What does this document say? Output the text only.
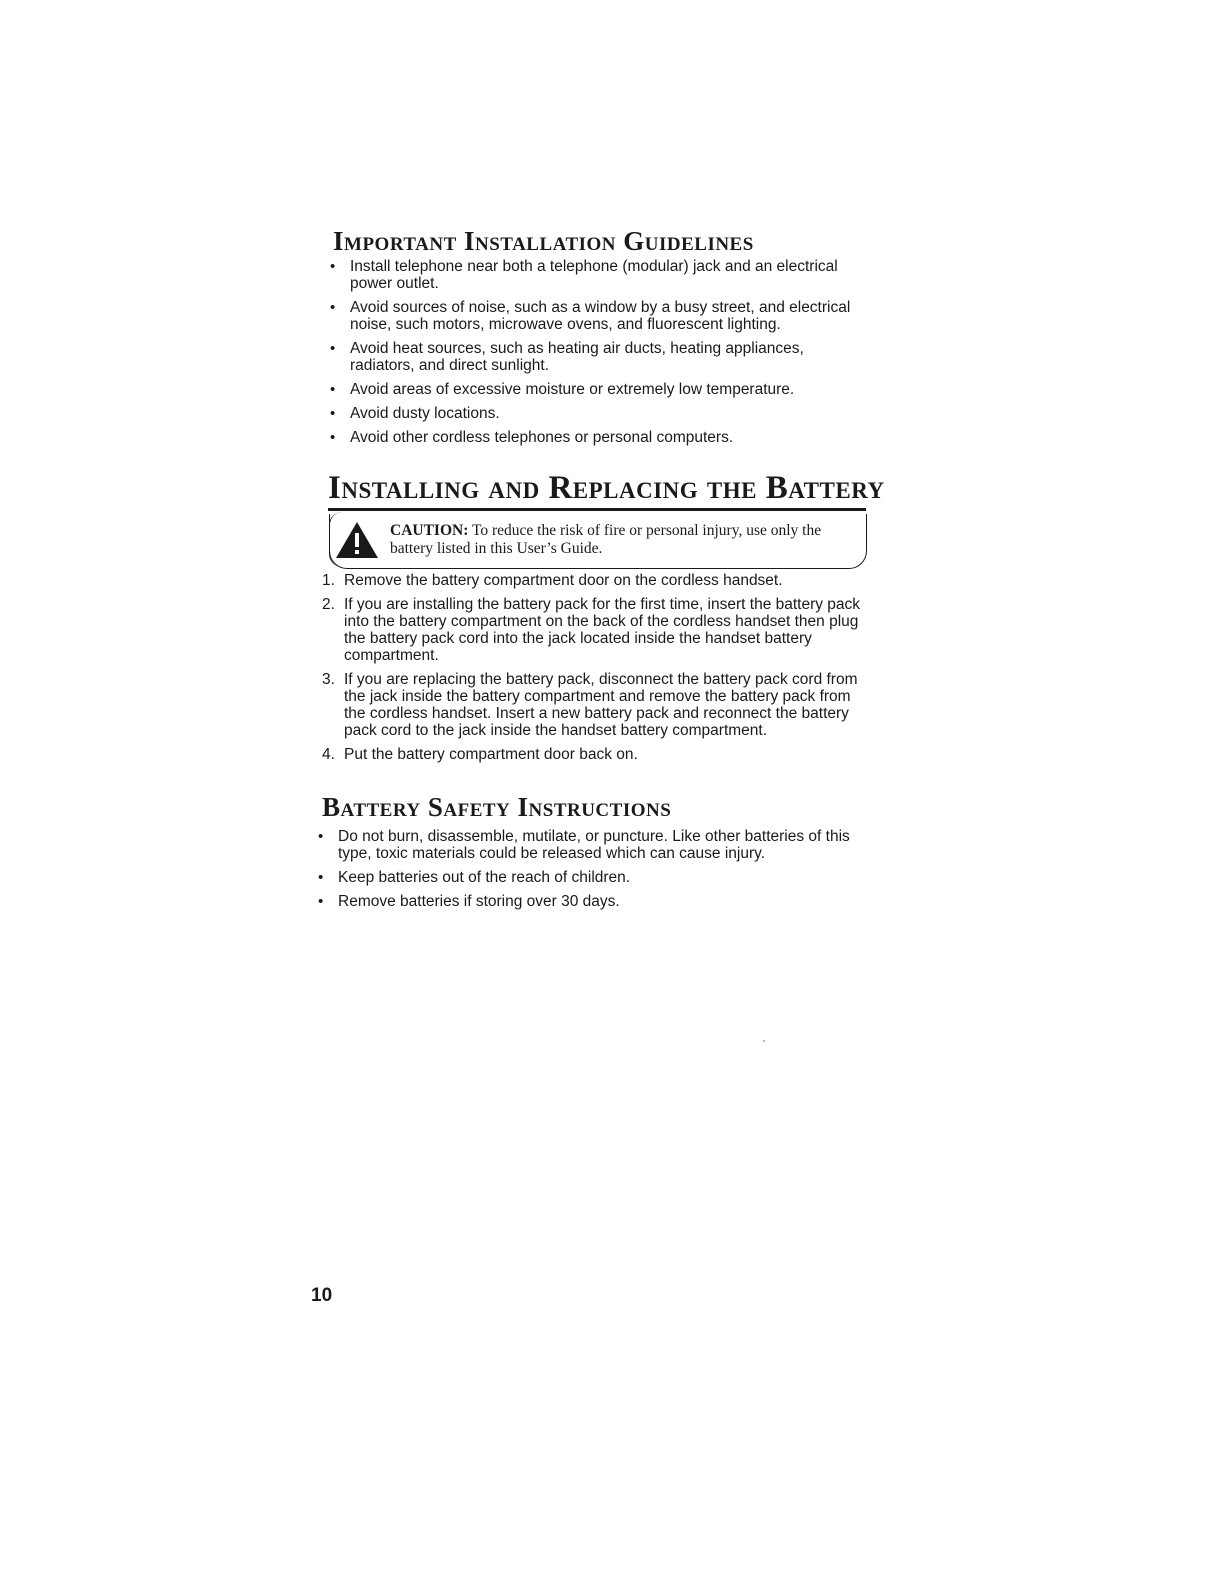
Important Installation Guidelines
• Install telephone near both a telephone (modular) jack and an electrical power outlet.
• Avoid sources of noise, such as a window by a busy street, and electrical noise, such motors, microwave ovens, and fluorescent lighting.
• Avoid heat sources, such as heating air ducts, heating appliances, radiators, and direct sunlight.
• Avoid areas of excessive moisture or extremely low temperature.
• Avoid dusty locations.
• Avoid other cordless telephones or personal computers.
Installing and Replacing the Battery
CAUTION: To reduce the risk of fire or personal injury, use only the battery listed in this User’s Guide.
1. Remove the battery compartment door on the cordless handset.
2. If you are installing the battery pack for the first time, insert the battery pack into the battery compartment on the back of the cordless handset then plug the battery pack cord into the jack located inside the handset battery compartment.
3. If you are replacing the battery pack, disconnect the battery pack cord from the jack inside the battery compartment and remove the battery pack from the cordless handset. Insert a new battery pack and reconnect the battery pack cord to the jack inside the handset battery compartment.
4. Put the battery compartment door back on.
Battery Safety Instructions
• Do not burn, disassemble, mutilate, or puncture. Like other batteries of this type, toxic materials could be released which can cause injury.
• Keep batteries out of the reach of children.
• Remove batteries if storing over 30 days.
10
